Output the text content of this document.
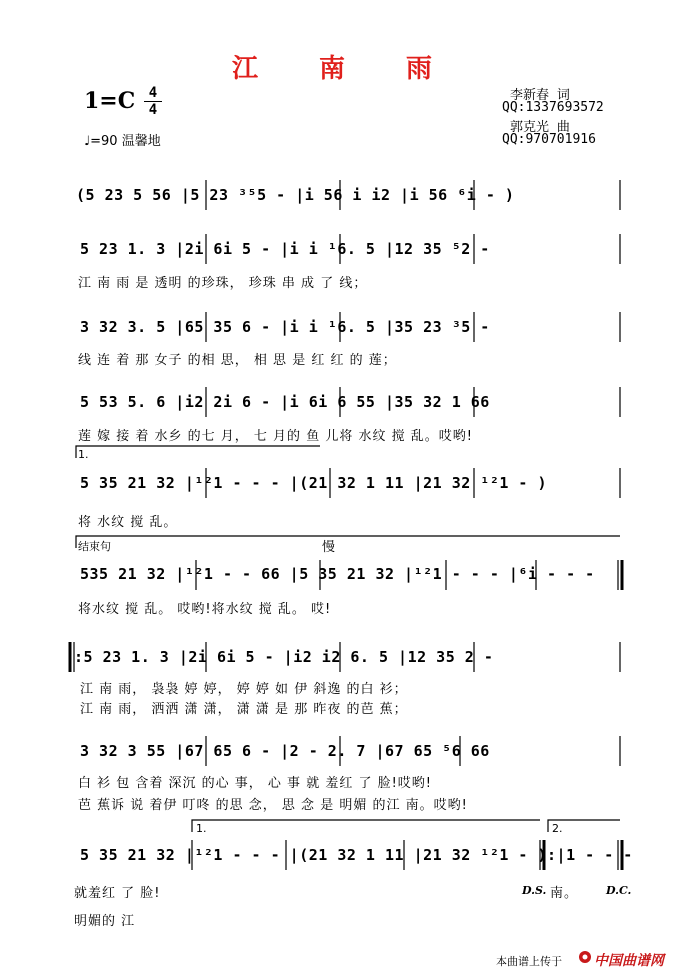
江 南 雨
1=C 4
4
♩=90 温馨地
李新春 词
QQ:1337693572
郭克光 曲
QQ:970701916
(5 23 5 56 |5 23 ³⁵5 - |i 56 i i2 |i 56 ⁶i - )
5 23 1. 3 |2i 6i 5 - |i i ¹6. 5 |12 35 ⁵2 -
江 南 雨 是 透明 的珍珠， 珍珠 串 成 了 线；
3 32 3. 5 |65 35 6 - |i i ¹6. 5 |35 23 ³5 -
线 连 着 那 女子 的相 思， 相 思 是 红 红 的 莲；
5 53 5. 6 |i2 2i 6 - |i 6i 6 55 |35 32 1 66
莲 嫁 接 着 水乡 的七 月， 七 月的 鱼 儿将 水纹 搅 乱。哎哟!
1.
5 35 21 32 |¹²1 - - - |(21 32 1 11 |21 32 ¹²1 - )
将 水纹 搅 乱。
结束句	慢
535 21 32 |¹²1 - - 66 |5 35 21 32 |¹²1 - - - |⁶i - - -
将水纹 搅 乱。 哎哟!将水纹 搅 乱。 哎!
:5 23 1. 3 |2i 6i 5 - |i2 i2 6. 5 |12 35 2 -
江 南 雨， 袅袅 婷 婷， 婷 婷 如 伊 斜逸 的白 衫；
江 南 雨， 洒洒 潇 潇， 潇 潇 是 那 昨夜 的芭 蕉；
3 32 3 55 |67 65 6 - |2 - 2. 7 |67 65 ⁵6 66
白 衫 包 含着 深沉 的心 事， 心 事 就 羞红 了 脸!哎哟!
芭 蕉诉 说 着伊 叮咚 的思 念， 思 念 是 明媚 的江 南。哎哟!
1.	2.
5 35 21 32 |¹²1 - - - |(21 32 1 11 |21 32 ¹²1 - ):|1 - - -
就羞红 了 脸!	D.S. 南。	D.C.
明媚的 江
本曲谱上传于 中国曲谱网
